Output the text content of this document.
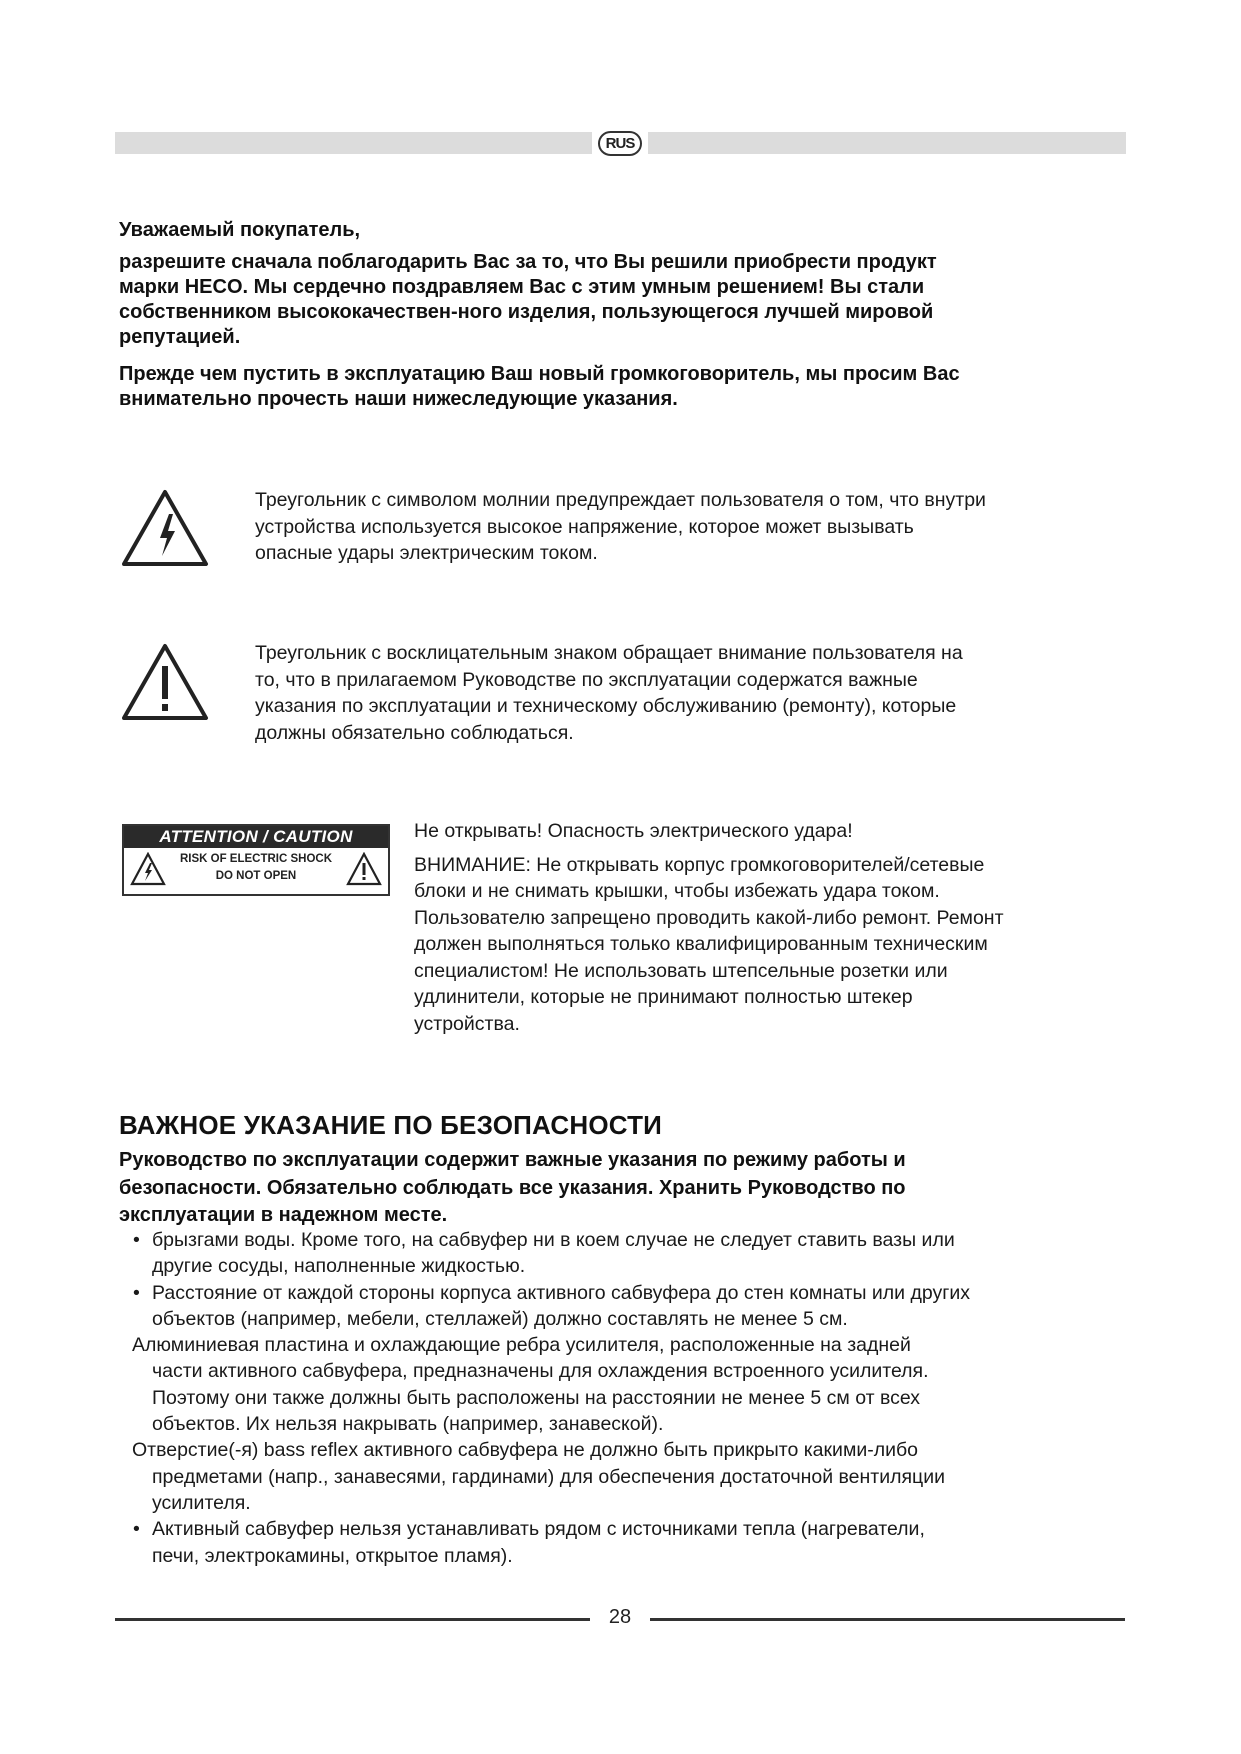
RUS

Уважаемый покупатель,

разрешите сначала поблагодарить Вас за то, что Вы решили приобрести продукт

марки HECO. Мы сердечно поздравляем Вас с этим умным решением! Вы стали

собственником высококачествен-ного изделия, пользующегося лучшей мировой

репутацией.

Прежде чем пустить в эксплуатацию Ваш новый громкоговоритель, мы просим Вас

внимательно прочесть наши нижеследующие указания.

Треугольник с символом молнии предупреждает пользователя о том, что внутри

устройства используется высокое напряжение, которое может вызывать

опасные удары электрическим током.

Треугольник с восклицательным знаком обращает внимание пользователя на

то, что в прилагаемом Руководстве по эксплуатации содержатся важные

указания по эксплуатации и техническому обслуживанию (ремонту), которые

должны обязательно соблюдаться.

ATTENTION / CAUTION
RISK OF ELECTRIC SHOCK
DO NOT OPEN

Не открывать! Опасность электрического удара!

ВНИМАНИЕ: Не открывать корпус громкоговорителей/сетевые

блоки и не снимать крышки, чтобы избежать удара током.

Пользователю запрещено проводить какой-либо ремонт. Ремонт

должен выполняться только квалифицированным техническим

специалистом! Не использовать штепсельные розетки или

удлинители, которые не принимают полностью штекер

устройства.

ВАЖНОЕ УКАЗАНИЕ ПО БЕЗОПАСНОСТИ
Руководство по эксплуатации содержит важные указания по режиму работы и
безопасности. Обязательно соблюдать все указания. Хранить Руководство по
эксплуатации в надежном месте.
• брызгами воды. Кроме того, на сабвуфер ни в коем случае не следует ставить вазы или
другие сосуды, наполненные жидкостью.
• Расстояние от каждой стороны корпуса активного сабвуфера до стен комнаты или других
объектов (например, мебели, стеллажей) должно составлять не менее 5 см.
Алюминиевая пластина и охлаждающие ребра усилителя, расположенные на задней
части активного сабвуфера, предназначены для охлаждения встроенного усилителя.
Поэтому они также должны быть расположены на расстоянии не менее 5 см от всех
объектов. Их нельзя накрывать (например, занавеской).
Отверстие(-я) bass reflex активного сабвуфера не должно быть прикрыто какими-либо
предметами (напр., занавесями, гардинами) для обеспечения достаточной вентиляции
усилителя.
• Активный сабвуфер нельзя устанавливать рядом с источниками тепла (нагреватели,
печи, электрокамины, открытое пламя).
28
